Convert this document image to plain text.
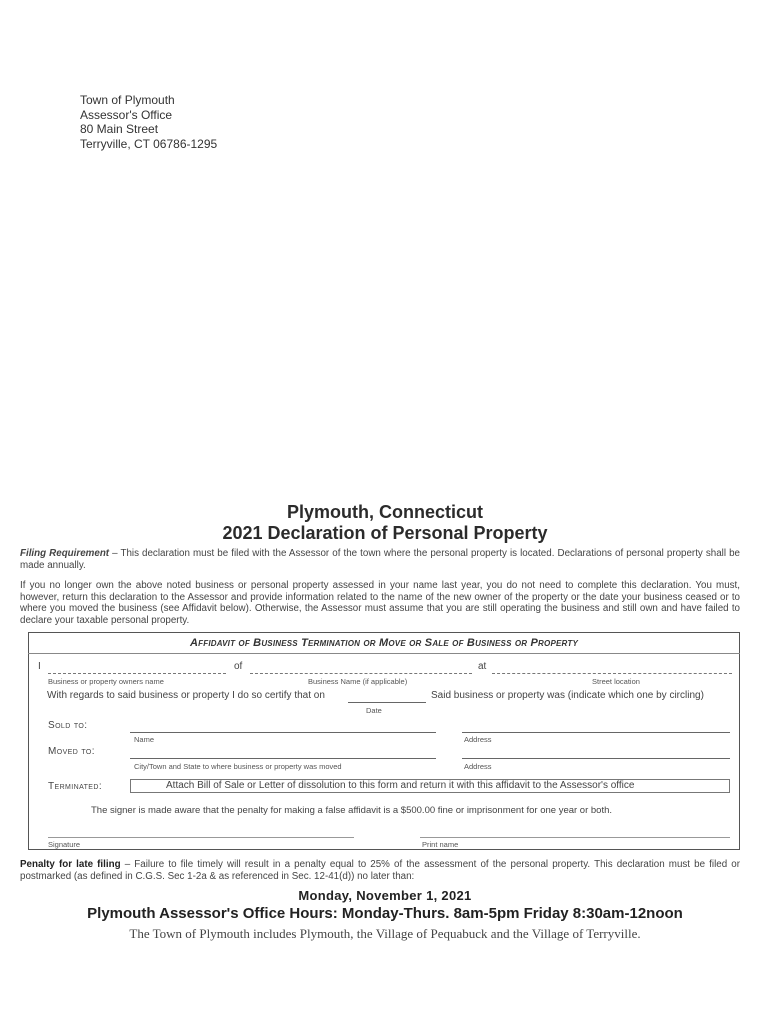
Town of Plymouth
Assessor's Office
80 Main Street
Terryville, CT 06786-1295
Plymouth, Connecticut
2021 Declaration of Personal Property
Filing Requirement – This declaration must be filed with the Assessor of the town where the personal property is located. Declarations of personal property shall be made annually.
If you no longer own the above noted business or personal property assessed in your name last year, you do not need to complete this declaration. You must, however, return this declaration to the Assessor and provide information related to the name of the new owner of the property or the date your business ceased or to where you moved the business (see Affidavit below). Otherwise, the Assessor must assume that you are still operating the business and still own and have failed to declare your taxable personal property.
Affidavit of Business Termination or Move or Sale of Business or Property
I	of	at
Business or property owners name	Business Name (if applicable)	Street location
With regards to said business or property I do so certify that on	Said business or property was (indicate which one by circling)
Date
Sold to:
Name	Address
Moved to:
City/Town and State to where business or property was moved	Address
Terminated:	Attach Bill of Sale or Letter of dissolution to this form and return it with this affidavit to the Assessor's office
The signer is made aware that the penalty for making a false affidavit is a $500.00 fine or imprisonment for one year or both.
Signature	Print name
Penalty for late filing – Failure to file timely will result in a penalty equal to 25% of the assessment of the personal property. This declaration must be filed or postmarked (as defined in C.G.S. Sec 1-2a & as referenced in Sec. 12-41(d)) no later than:
Monday, November 1, 2021
Plymouth Assessor's Office Hours: Monday-Thurs. 8am-5pm Friday 8:30am-12noon
The Town of Plymouth includes Plymouth, the Village of Pequabuck and the Village of Terryville.
